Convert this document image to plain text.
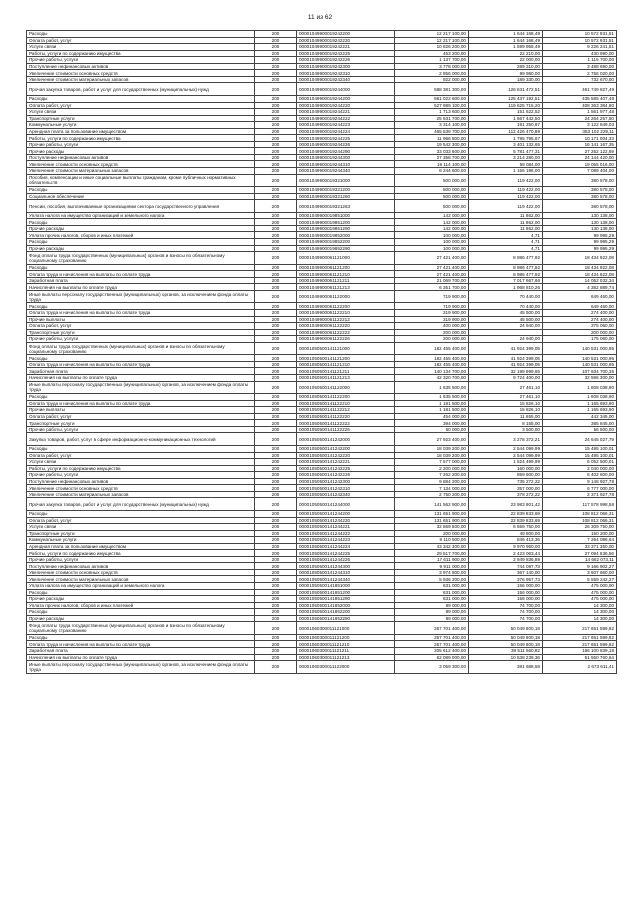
11 из 62
Расходы	200	00001049900019242200	12 217 100,00	1 644 168,49	10 572 931,51
Оплата работ, услуг	200	00001049900019242220	12 217 100,00	1 644 168,49	10 572 931,51
Услуги связи	200	00001049900019242221	10 826 200,00	1 599 958,49	9 226 241,51
Работы, услуги по содержанию имущества	200	00001049900019242225	453 200,00	22 210,00	430 990,00
Прочие работы, услуги	200	00001049900019242226	1 137 700,00	22 000,00	1 115 700,00
Поступление нефинансовых активов	200	00001049900019242300	3 778 000,00	289 310,00	3 488 690,00
Увеличение стоимости основных средств	200	00001049900019242310	2 856 000,00	99 980,00	2 756 020,00
Увеличение стоимости материальных запасов	200	00001049900019242340	922 000,00	189 330,00	732 670,00
Прочая закупка товаров, работ и услуг для государственных (муниципальных) нужд	200	00001049900019244000	588 381 300,00	126 631 472,51	461 749 827,49
Расходы	200	00001049900019244200	561 022 600,00	125 437 192,51	435 585 407,49
Оплата работ, услуг	200	00001049900019244220	527 989 100,00	119 625 715,20	408 363 384,80
Услуги связи	200	00001049900019244221	1 713 600,00	151 622,52	1 561 977,48
Транспортные услуги	200	00001049900019244222	25 931 700,00	1 667 442,50	24 264 257,50
Коммунальные услуги	200	00001049900019244223	3 314 100,00	191 250,97	3 122 849,03
Арендная плата за пользование имуществом	200	00001049900019244224	465 539 700,00	112 426 470,89	353 102 229,11
Работы, услуги по содержанию имущества	200	00001049900019244225	11 966 800,00	1 795 795,67	10 171 004,33
Прочие работы, услуги	200	00001049900019244226	19 542 300,00	3 401 132,65	16 141 167,35
Прочие расходы	200	00001049900019244290	33 033 600,00	5 781 477,31	27 252 122,69
Поступление нефинансовых активов	200	00001049900019244300	27 358 700,00	3 214 280,00	24 144 420,00
Увеличение стоимости основных средств	200	00001049900019244310	19 114 100,00	59 084,00	19 055 016,00
Увеличение стоимости материальных запасов	200	00001049900019244340	8 244 600,00	1 155 196,00	7 089 404,00
Пособия, компенсации и иные социальные выплаты гражданам, кроме публичных нормативных обязательств	200	00001049900019321000	500 000,00	119 422,00	380 578,00
Расходы	200	00001049900019321200	500 000,00	119 422,00	380 578,00
Социальное обеспечение	200	00001049900019321260	500 000,00	119 422,00	380 578,00
Пенсии, пособия, выплачиваемые организациями сектора государственного управления	200	00001049900019321263	500 000,00	119 422,00	380 578,00
Уплата налога на имущество организаций и земельного налога	200	00001049900019851000	142 000,00	11 862,00	130 138,00
Расходы	200	00001049900019851200	142 000,00	11 862,00	130 138,00
Прочие расходы	200	00001049900019851290	142 000,00	11 862,00	130 138,00
Уплата прочих налогов, сборов и иных платежей	200	00001049900019852000	100 000,00	4,71	99 995,29
Расходы	200	00001049900019852200	100 000,00	4,71	99 995,29
Прочие расходы	200	00001049900019852290	100 000,00	4,71	99 995,29
Фонд оплаты труда государственных (муниципальных) органов и взносы по обязательному социальному страхованию	200	00001049900061121000	27 421 400,00	8 986 477,92	18 434 922,08
Расходы	200	00001049900061121200	27 421 400,00	8 986 477,92	18 434 922,08
Оплата труда и начисления на выплаты по оплате труда	200	00001049900061121210	27 421 400,00	8 986 477,92	18 434 922,08
Заработная плата	200	00001049900061121211	21 069 700,00	7 017 667,66	14 052 032,34
Начисления на выплаты по оплате труда	200	00001049900061121213	6 351 700,00	1 968 810,26	4 382 889,74
Иные выплаты персоналу государственных (муниципальных) органов, за исключением фонда оплаты труда	200	00001049900061122000	719 900,00	70 440,00	649 460,00
Расходы	200	00001049900061122200	719 900,00	70 440,00	649 460,00
Оплата труда и начисления на выплаты по оплате труда	200	00001049900061122210	319 900,00	45 500,00	274 400,00
Прочие выплаты	200	00001049900061122212	319 900,00	45 500,00	274 400,00
Оплата работ, услуг	200	00001049900061122220	400 000,00	24 940,00	375 060,00
Транспортные услуги	200	00001049900061122222	200 000,00		200 000,00
Прочие работы, услуги	200	00001049900061122226	200 000,00	24 940,00	175 060,00
Фонд оплаты труда государственных (муниципальных) органов и взносы по обязательному социальному страхованию	200	00001050500141121000	182 455 400,00	41 924 399,05	140 531 000,95
Расходы	200	00001050500141121200	182 455 400,00	41 924 399,05	140 531 000,95
Оплата труда и начисления на выплаты по оплате труда	200	00001050500141121210	182 455 400,00	41 924 399,05	140 531 000,95
Заработная плата	200	00001050500141121211	140 134 700,00	32 199 999,65	107 934 700,35
Начисления на выплаты по оплате труда	200	00001050500141121213	42 320 700,00	9 724 400,00	32 596 300,00
Иные выплаты персоналу государственных (муниципальных) органов, за исключением фонда оплаты труда	200	00001050500141122000	1 635 500,00	27 461,10	1 608 038,90
Расходы	200	00001050500141122200	1 635 500,00	27 461,10	1 608 038,90
Оплата труда и начисления на выплаты по оплате труда	200	00001050500141122210	1 181 500,00	15 826,10	1 165 693,90
Прочие выплаты	200	00001050500141122212	1 181 500,00	15 826,10	1 165 693,90
Оплата работ, услуг	200	00001050500141122220	454 000,00	11 655,00	442 345,00
Транспортные услуги	200	00001050500141122222	394 000,00	8 155,00	385 845,00
Прочие работы, услуги	200	00001050500141122226	60 000,00	3 500,00	56 500,00
Закупка товаров, работ, услуг в сфере информационно-коммуникационных технологий	200	00001050500141242000	27 923 400,00	3 278 372,21	24 645 027,79
Расходы	200	00001050500141242200	18 039 200,00	2 544 099,99	15 495 100,01
Оплата работ, услуг	200	00001050500141242220	18 039 200,00	2 544 099,99	15 495 100,01
Услуги связи	200	00001050500141242221	7 577 000,00	1 524 499,99	6 052 500,01
Работы, услуги по содержанию имущества	200	00001050500141242225	2 200 000,00	160 000,00	2 040 000,00
Прочие работы, услуги	200	00001050500141242226	7 262 200,00	859 600,00	6 402 600,00
Поступление нефинансовых активов	200	00001050500141242300	9 884 200,00	735 272,22	9 148 927,78
Увеличение стоимости основных средств	200	00001050500141242310	7 134 000,00	357 000,00	6 777 000,00
Увеличение стоимости материальных запасов	200	00001050500141242340	2 750 200,00	378 272,22	2 371 927,78
Прочая закупка товаров, работ и услуг для государственных (муниципальных) нужд	200	00001050500141244000	141 562 900,00	23 983 901,42	117 578 998,58
Расходы	200	00001050500141244200	131 651 900,00	22 839 833,69	108 812 066,31
Оплата работ, услуг	200	00001050500141244220	131 651 900,00	22 839 833,69	108 812 066,31
Услуги связи	200	00001050500141244221	32 869 500,00	6 559 750,00	26 309 750,00
Транспортные услуги	200	00001050500141244222	200 000,00	49 800,00	150 200,00
Коммунальные услуги	200	00001050500141244223	8 110 500,00	846 413,36	7 264 086,64
Арендная плата за пользование имуществом	200	00001050500141244224	43 342 300,00	9 970 950,00	33 371 350,00
Работы, услуги по содержанию имущества	200	00001050500141244225	29 517 700,00	2 423 063,44	27 094 636,56
Прочие работы, услуги	200	00001050500141244226	17 611 900,00	2 949 836,89	14 662 073,11
Поступление нефинансовых активов	200	00001050500141244300	9 911 000,00	744 097,73	9 166 902,27
Увеличение стоимости основных средств	200	00001050500141244310	3 974 800,00	367 140,00	3 607 660,00
Увеличение стоимости материальных запасов	200	00001050500141244340	5 936 200,00	376 957,73	5 559 242,27
Уплата налога на имущество организаций и земельного налога	200	00001050500141851000	631 000,00	156 000,00	475 000,00
Расходы	200	00001050500141851200	631 000,00	156 000,00	475 000,00
Прочие расходы	200	00001050500141851290	631 000,00	156 000,00	475 000,00
Уплата прочих налогов, сборов и иных платежей	200	00001050500141852000	89 000,00	74 700,00	14 300,00
Расходы	200	00001050500141852200	89 000,00	74 700,00	14 300,00
Прочие расходы	200	00001050500141852290	89 000,00	74 700,00	14 300,00
Фонд оплаты труда государственных (муниципальных) органов и взносы по обязательному социальному страхованию	200	00001060300011121000	267 701 400,00	50 049 800,18	217 651 599,82
Расходы	200	00001060300011121200	267 701 400,00	50 049 800,18	217 651 599,82
Оплата труда и начисления на выплаты по оплате труда	200	00001060300011121210	267 701 400,00	50 049 800,18	217 651 599,82
Заработная плата	200	00001060300011121211	205 612 400,00	39 511 560,82	166 100 839,18
Начисления на выплаты по оплате труда	200	00001060300011121213	62 089 000,00	10 538 239,36	51 550 760,64
Иные выплаты персоналу государственных (муниципальных) органов, за исключением фонда оплаты труда	200	00001060300011122000	3 059 300,00	381 688,59	2 673 611,41
